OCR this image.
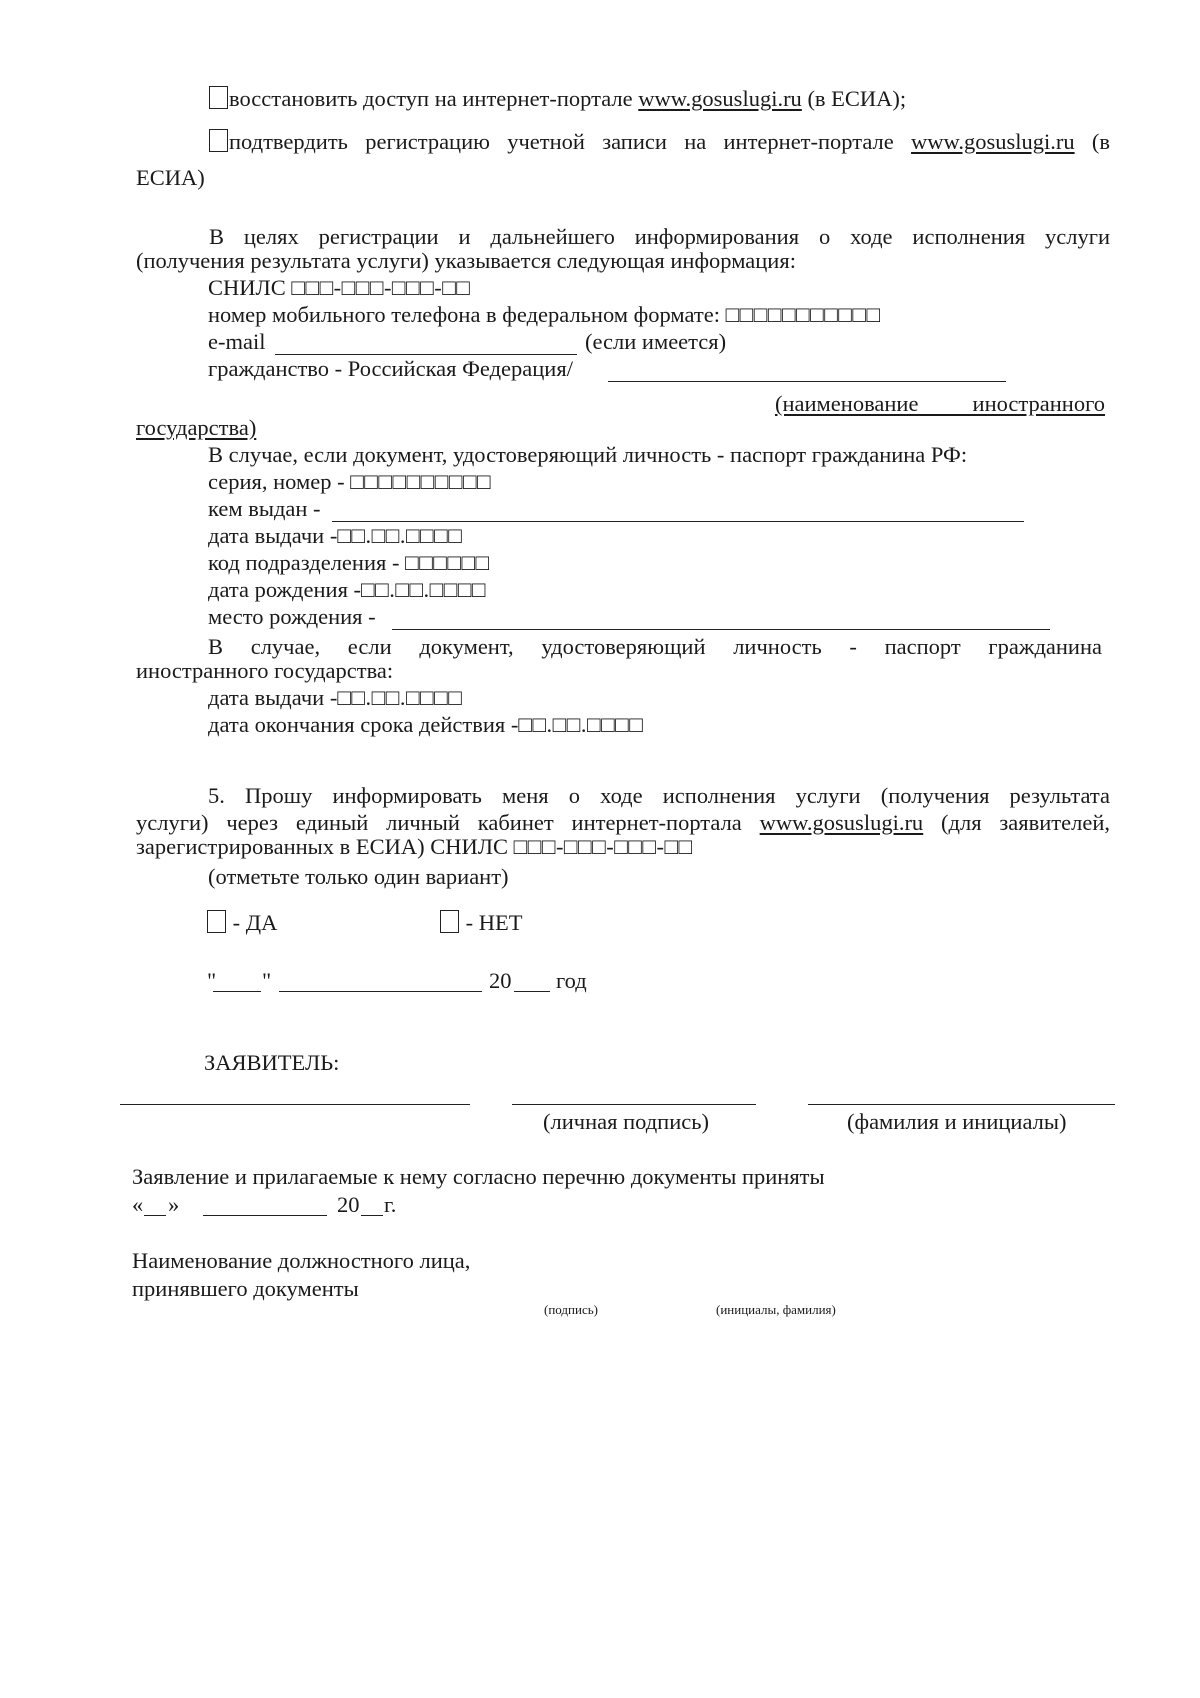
восстановить доступ на интернет-портале www.gosuslugi.ru (в ЕСИА);
подтвердить регистрацию учетной записи на интернет-портале www.gosuslugi.ru (в
ЕСИА)
В целях регистрации и дальнейшего информирования о ходе исполнения услуги
(получения результата услуги) указывается следующая информация:
СНИЛС □□□-□□□-□□□-□□
номер мобильного телефона в федеральном формате: □□□□□□□□□□□
e-mail	(если имеется)
гражданство - Российская Федерация/
(наименование иностранного
государства)
В случае, если документ, удостоверяющий личность - паспорт гражданина РФ:
серия, номер - □□□□□□□□□□
кем выдан -
дата выдачи -□□.□□.□□□□
код подразделения - □□□□□□
дата рождения -□□.□□.□□□□
место рождения -
В случае, если документ, удостоверяющий личность - паспорт гражданина
иностранного государства:
дата выдачи -□□.□□.□□□□
дата окончания срока действия -□□.□□.□□□□
5. Прошу информировать меня о ходе исполнения услуги (получения результата
услуги) через единый личный кабинет интернет-портала www.gosuslugi.ru (для заявителей,
зарегистрированных в ЕСИА) СНИЛС □□□-□□□-□□□-□□
(отметьте только один вариант)
- ДА	- НЕТ
" "	20 год
ЗАЯВИТЕЛЬ:
(личная подпись)	(фамилия и инициалы)
Заявление и прилагаемые к нему согласно перечню документы приняты
« »	20 г.
Наименование должностного лица,
принявшего документы
(подпись)	(инициалы, фамилия)
